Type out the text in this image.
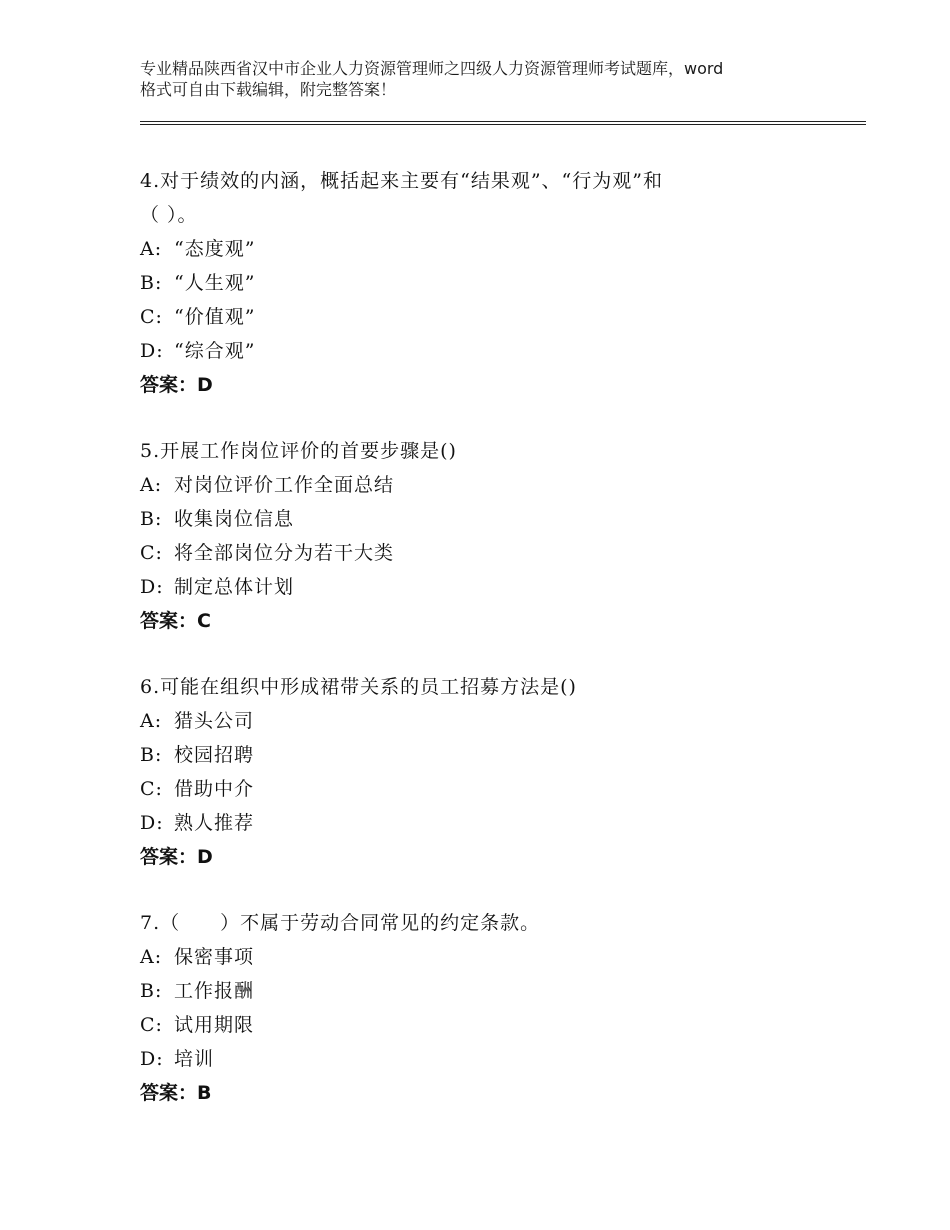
专业精品陕西省汉中市企业人力资源管理师之四级人力资源管理师考试题库，word
格式可自由下载编辑，附完整答案！
4.对于绩效的内涵，概括起来主要有“结果观”、“行为观”和
（ ）。
A: “态度观”
B: “人生观”
C: “价值观”
D: “综合观”
答案：D
5.开展工作岗位评价的首要步骤是()
A: 对岗位评价工作全面总结
B: 收集岗位信息
C: 将全部岗位分为若干大类
D: 制定总体计划
答案：C
6.可能在组织中形成裙带关系的员工招募方法是()
A: 猎头公司
B: 校园招聘
C: 借助中介
D: 熟人推荐
答案：D
7.（　　）不属于劳动合同常见的约定条款。
A: 保密事项
B: 工作报酬
C: 试用期限
D: 培训
答案：B
